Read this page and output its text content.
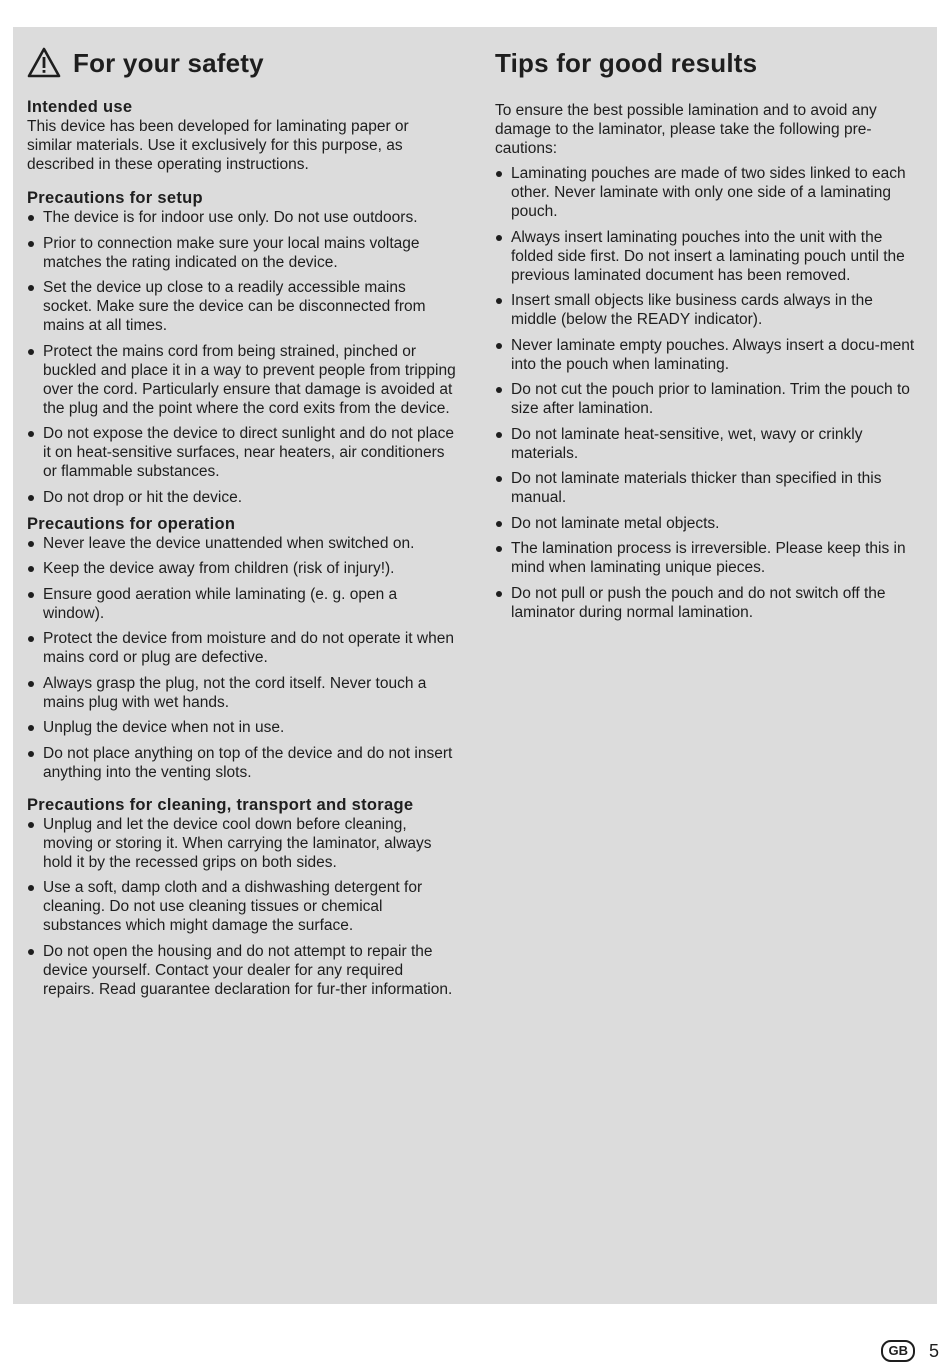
For your safety
Intended use

This device has been developed for laminating paper or similar materials. Use it exclusively for this purpose, as described in these operating instructions.

Precautions for setup
The device is for indoor use only. Do not use outdoors.
Prior to connection make sure your local mains voltage matches the rating indicated on the device.
Set the device up close to a readily accessible mains socket. Make sure the device can be disconnected from mains at all times.
Protect the mains cord from being strained, pinched or buckled and place it in a way to prevent people from tripping over the cord. Particularly ensure that damage is avoided at the plug and the point where the cord exits from the device.
Do not expose the device to direct sunlight and do not place it on heat-sensitive surfaces, near heaters, air conditioners or flammable substances.
Do not drop or hit the device.
Precautions for operation
Never leave the device unattended when switched on.
Keep the device away from children (risk of injury!).
Ensure good aeration while laminating (e. g. open a window).
Protect the device from moisture and do not operate it when mains cord or plug are defective.
Always grasp the plug, not the cord itself. Never touch a mains plug with wet hands.
Unplug the device when not in use.
Do not place anything on top of the device and do not insert anything into the venting slots.
Precautions for cleaning, transport and storage
Unplug and let the device cool down before cleaning, moving or storing it. When carrying the laminator, always hold it by the recessed grips on both sides.
Use a soft, damp cloth and a dishwashing detergent for cleaning. Do not use cleaning tissues or chemical substances which might damage the surface.
Do not open the housing and do not attempt to repair the device yourself. Contact your dealer for any required repairs. Read guarantee declaration for fur-ther information.
Tips for good results

To ensure the best possible lamination and to avoid any damage to the laminator, please take the following pre-cautions:

Laminating pouches are made of two sides linked to each other. Never laminate with only one side of a laminating pouch.
Always insert laminating pouches into the unit with the folded side first. Do not insert a laminating pouch until the previous laminated document has been removed.
Insert small objects like business cards always in the middle (below the READY indicator).
Never laminate empty pouches. Always insert a docu-ment into the pouch when laminating.
Do not cut the pouch prior to lamination. Trim the pouch to size after lamination.
Do not laminate heat-sensitive, wet, wavy or crinkly materials.
Do not laminate materials thicker than specified in this manual.
Do not laminate metal objects.
The lamination process is irreversible. Please keep this in mind when laminating unique pieces.
Do not pull or push the pouch and do not switch off the laminator during normal lamination.
GB	5
